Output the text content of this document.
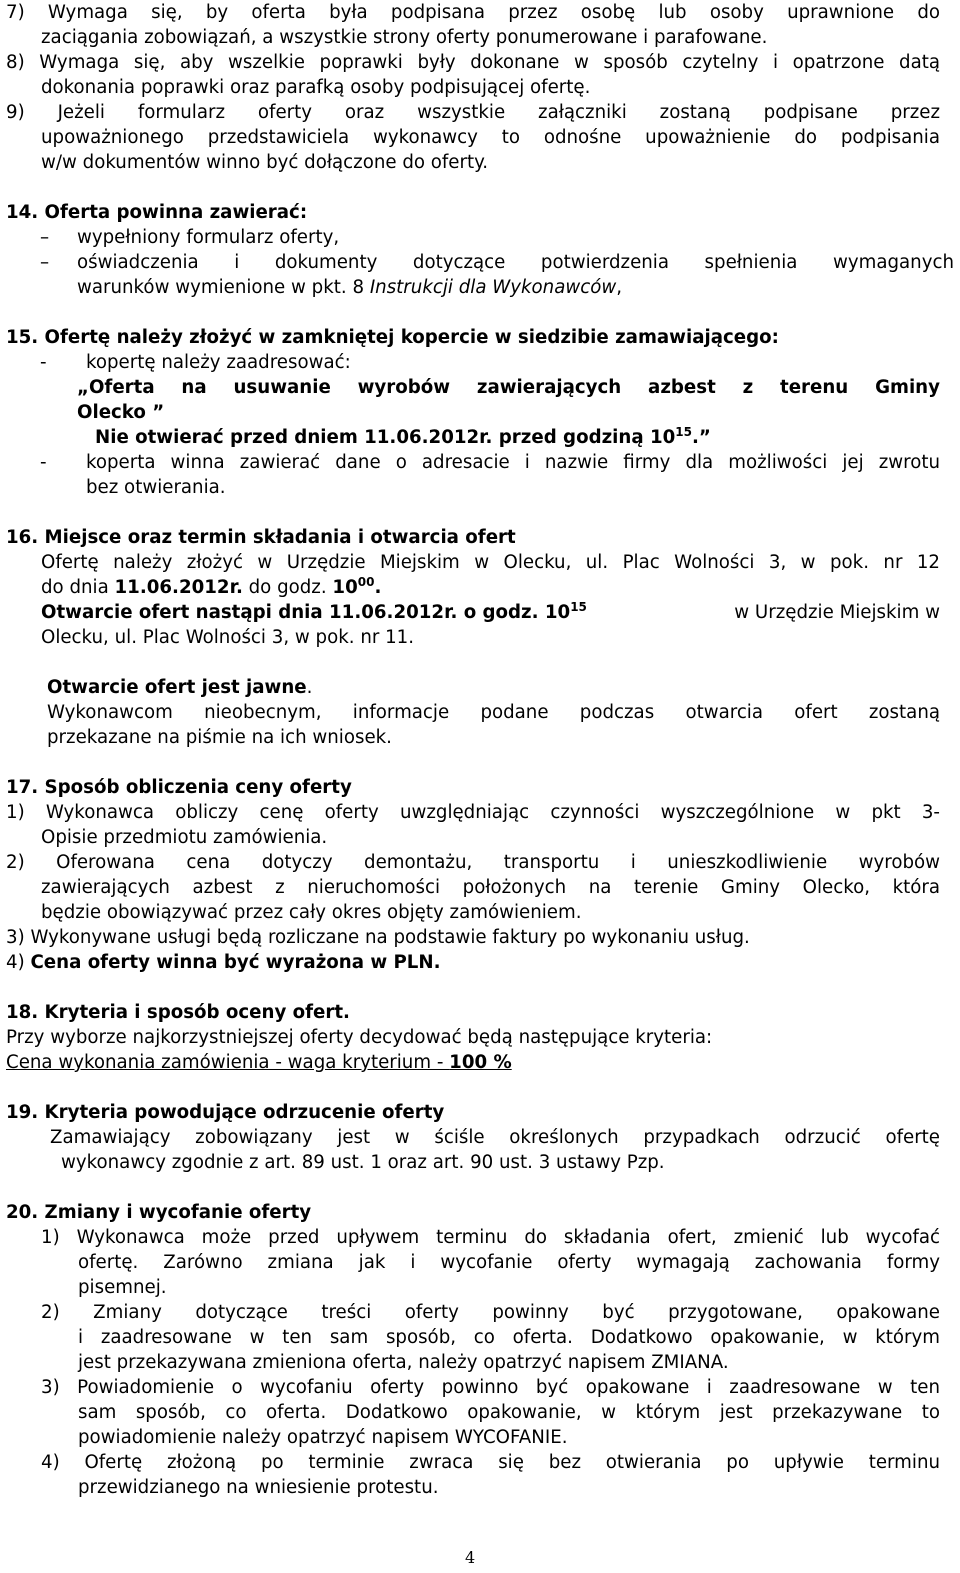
7) Wymaga się, by oferta była podpisana przez osobę lub osoby uprawnione do
zaciągania zobowiązań, a wszystkie strony oferty ponumerowane i parafowane.
8) Wymaga się, aby wszelkie poprawki były dokonane w sposób czytelny i opatrzone datą
dokonania poprawki oraz parafką osoby podpisującej ofertę.
9) Jeżeli formularz oferty oraz wszystkie załączniki zostaną podpisane przez
upoważnionego przedstawiciela wykonawcy to odnośne upoważnienie do podpisania
w/w dokumentów winno być dołączone do oferty.
14. Oferta powinna zawierać:
– wypełniony formularz oferty,
– oświadczenia i dokumenty dotyczące potwierdzenia spełnienia wymaganych
warunków wymienione w pkt. 8 Instrukcji dla Wykonawców,
15. Ofertę należy złożyć w zamkniętej kopercie w siedzibie zamawiającego:
- kopertę należy zaadresować:
„Oferta na usuwanie wyrobów zawierających azbest z terenu Gminy
Olecko ”
Nie otwierać przed dniem 11.06.2012r. przed godziną $10^{15}$.”
- koperta winna zawierać dane o adresacie i nazwie firmy dla możliwości jej zwrotu
bez otwierania.
16. Miejsce oraz termin składania i otwarcia ofert
Ofertę należy złożyć w Urzędzie Miejskim w Olecku, ul. Plac Wolności 3, w pok. nr 12
do dnia 11.06.2012r. do godz. $10^{00}$.
Otwarcie ofert nastąpi dnia 11.06.2012r. o godz. $10^{15}$	w Urzędzie Miejskim w
Olecku, ul. Plac Wolności 3, w pok. nr 11.
Otwarcie ofert jest jawne.
Wykonawcom nieobecnym, informacje podane podczas otwarcia ofert zostaną
przekazane na piśmie na ich wniosek.
17. Sposób obliczenia ceny oferty
1) Wykonawca obliczy cenę oferty uwzględniając czynności wyszczególnione w pkt 3-
Opisie przedmiotu zamówienia.
2) Oferowana cena dotyczy demontażu, transportu i unieszkodliwienie wyrobów
zawierających azbest z nieruchomości położonych na terenie Gminy Olecko, która
będzie obowiązywać przez cały okres objęty zamówieniem.
3) Wykonywane usługi będą rozliczane na podstawie faktury po wykonaniu usług.
4) Cena oferty winna być wyrażona w PLN.
18. Kryteria i sposób oceny ofert.
Przy wyborze najkorzystniejszej oferty decydować będą następujące kryteria:
Cena wykonania zamówienia - waga kryterium - 100 %
19. Kryteria powodujące odrzucenie oferty
Zamawiający zobowiązany jest w ściśle określonych przypadkach odrzucić ofertę
wykonawcy zgodnie z art. 89 ust. 1 oraz art. 90 ust. 3 ustawy Pzp.
20. Zmiany i wycofanie oferty
1) Wykonawca może przed upływem terminu do składania ofert, zmienić lub wycofać
ofertę. Zarówno zmiana jak i wycofanie oferty wymagają zachowania formy
pisemnej.
2) Zmiany dotyczące treści oferty powinny być przygotowane, opakowane
i zaadresowane w ten sam sposób, co oferta. Dodatkowo opakowanie, w którym
jest przekazywana zmieniona oferta, należy opatrzyć napisem ZMIANA.
3) Powiadomienie o wycofaniu oferty powinno być opakowane i zaadresowane w ten
sam sposób, co oferta. Dodatkowo opakowanie, w którym jest przekazywane to
powiadomienie należy opatrzyć napisem WYCOFANIE.
4) Ofertę złożoną po terminie zwraca się bez otwierania po upływie terminu
przewidzianego na wniesienie protestu.
4
